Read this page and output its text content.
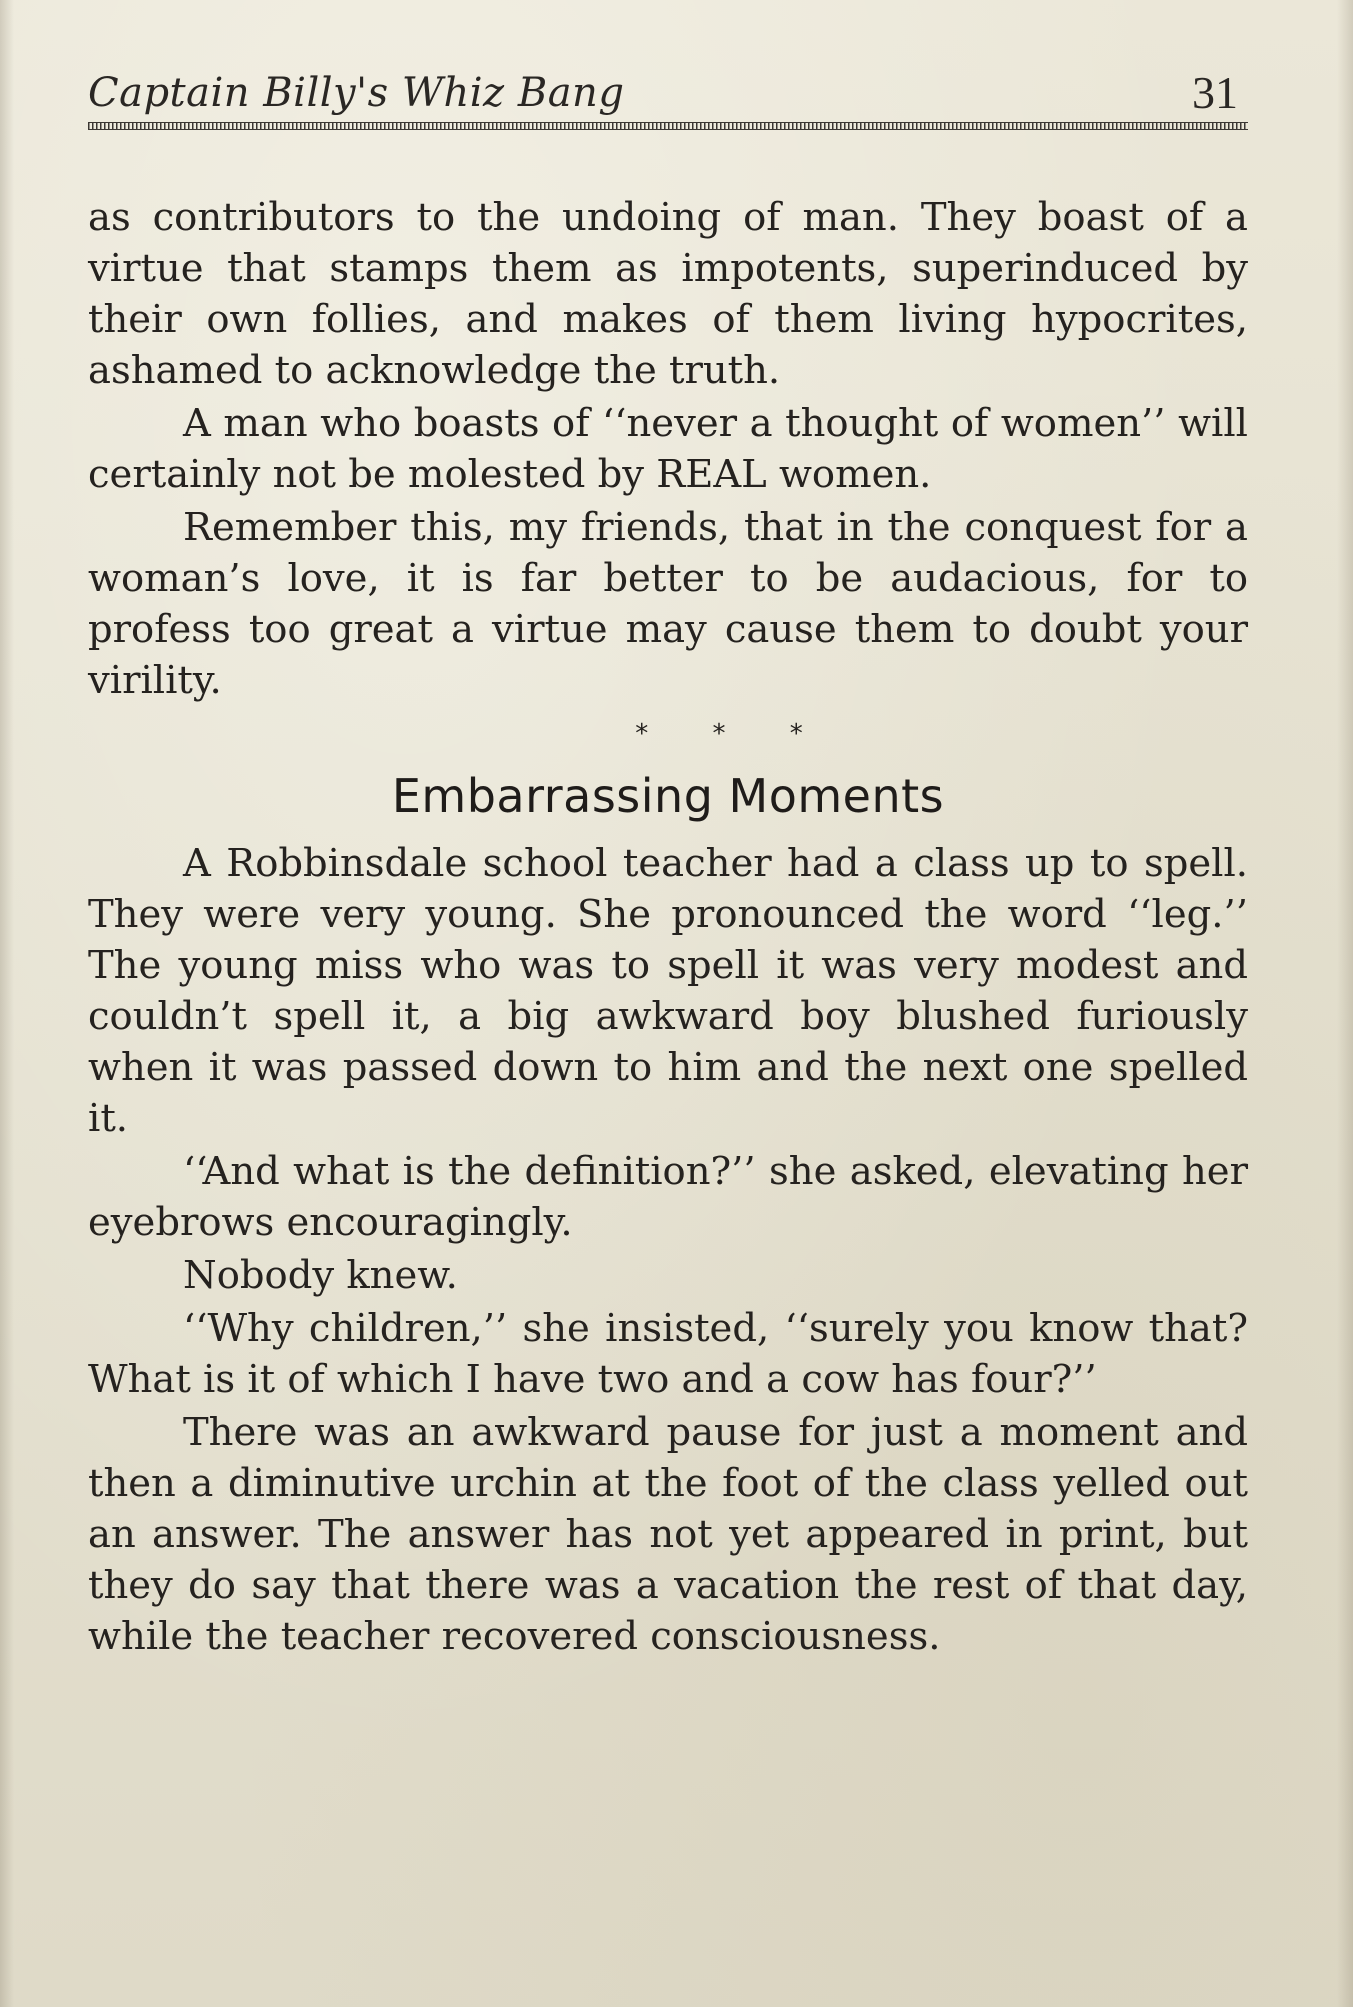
Captain Billy's Whiz Bang	31

as contributors to the undoing of man. They boast of a virtue that stamps them as impotents, superinduced by their own follies, and makes of them living hypocrites, ashamed to acknowledge the truth.

A man who boasts of ‘‘never a thought of women’’ will certainly not be molested by REAL women.

Remember this, my friends, that in the conquest for a woman’s love, it is far better to be audacious, for to profess too great a virtue may cause them to doubt your virility.

* * *
Embarrassing Moments

A Robbinsdale school teacher had a class up to spell. They were very young. She pronounced the word ‘‘leg.’’ The young miss who was to spell it was very modest and couldn’t spell it, a big awkward boy blushed furiously when it was passed down to him and the next one spelled it.

‘‘And what is the definition?’’ she asked, elevating her eyebrows encouragingly.

Nobody knew.

‘‘Why children,’’ she insisted, ‘‘surely you know that? What is it of which I have two and a cow has four?’’

There was an awkward pause for just a moment and then a diminutive urchin at the foot of the class yelled out an answer. The answer has not yet appeared in print, but they do say that there was a vacation the rest of that day, while the teacher recovered consciousness.
